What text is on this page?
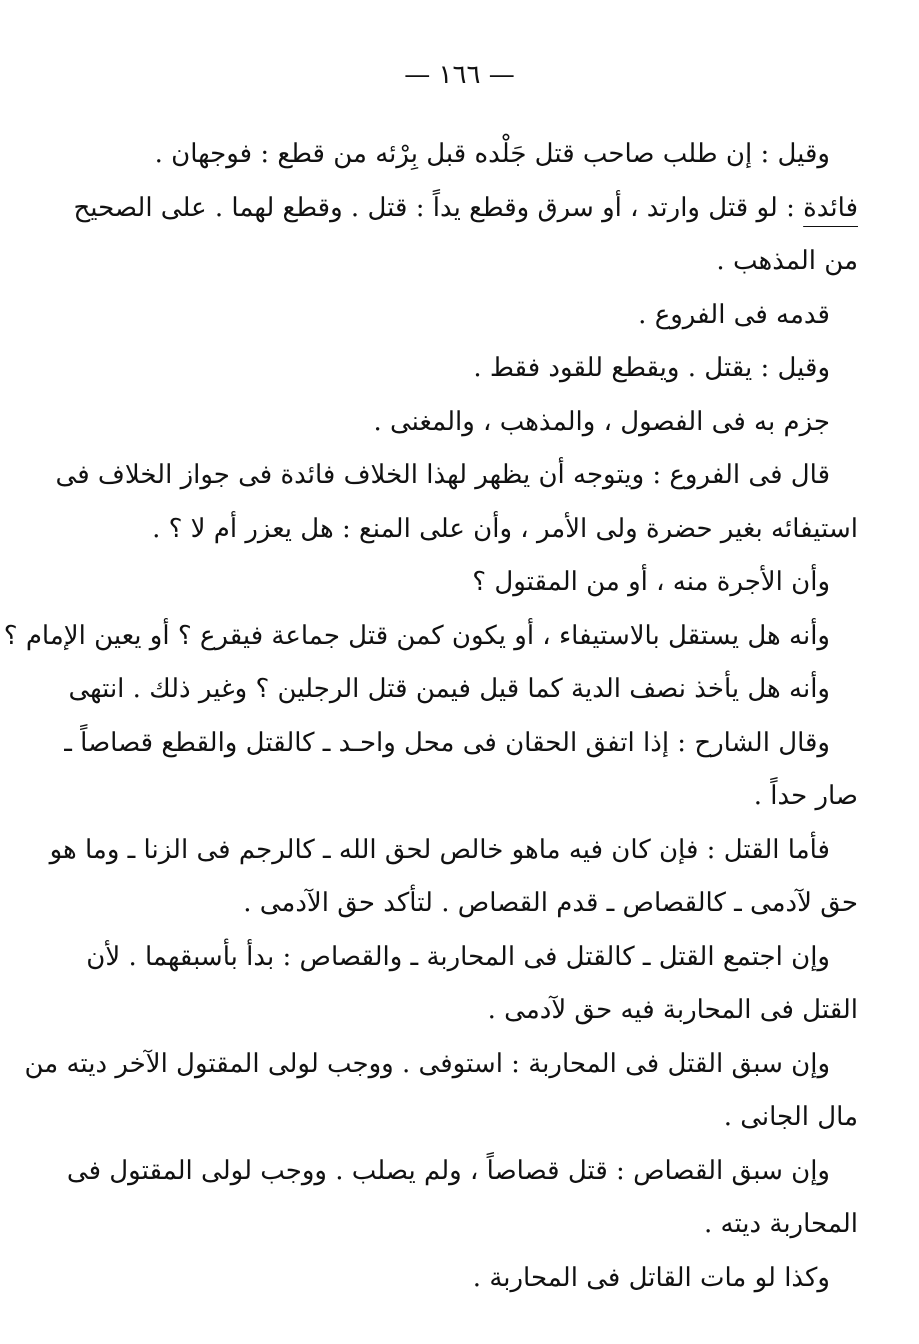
— ١٦٦ —
وقيل : إن طلب صاحب قتل جَلْده قبل بِرْئه من قطع : فوجهان .
فائدة : لو قتل وارتد ، أو سرق وقطع يداً : قتل . وقطع لهما . على الصحيح
من المذهب .
قدمه فى الفروع .
وقيل : يقتل . ويقطع للقود فقط .
جزم به فى الفصول ، والمذهب ، والمغنى .
قال فى الفروع : ويتوجه أن يظهر لهذا الخلاف فائدة فى جواز الخلاف فى
استيفائه بغير حضرة ولى الأمر ، وأن على المنع : هل يعزر أم لا ؟ .
وأن الأجرة منه ، أو من المقتول ؟
وأنه هل يستقل بالاستيفاء ، أو يكون كمن قتل جماعة فيقرع ؟ أو يعين الإمام ؟
وأنه هل يأخذ نصف الدية كما قيل فيمن قتل الرجلين ؟ وغير ذلك . انتهى
وقال الشارح : إذا اتفق الحقان فى محل واحـد ـ كالقتل والقطع قصاصاً ـ
صار حداً .
فأما القتل : فإن كان فيه ماهو خالص لحق الله ـ كالرجم فى الزنا ـ وما هو
حق لآدمى ـ كالقصاص ـ قدم القصاص . لتأكد حق الآدمى .
وإن اجتمع القتل ـ كالقتل فى المحاربة ـ والقصاص : بدأ بأسبقهما . لأن
القتل فى المحاربة فيه حق لآدمى .
وإن سبق القتل فى المحاربة : استوفى . ووجب لولى المقتول الآخر ديته من
مال الجانى .
وإن سبق القصاص : قتل قصاصاً ، ولم يصلب . ووجب لولى المقتول فى
المحاربة ديته .
وكذا لو مات القاتل فى المحاربة .
